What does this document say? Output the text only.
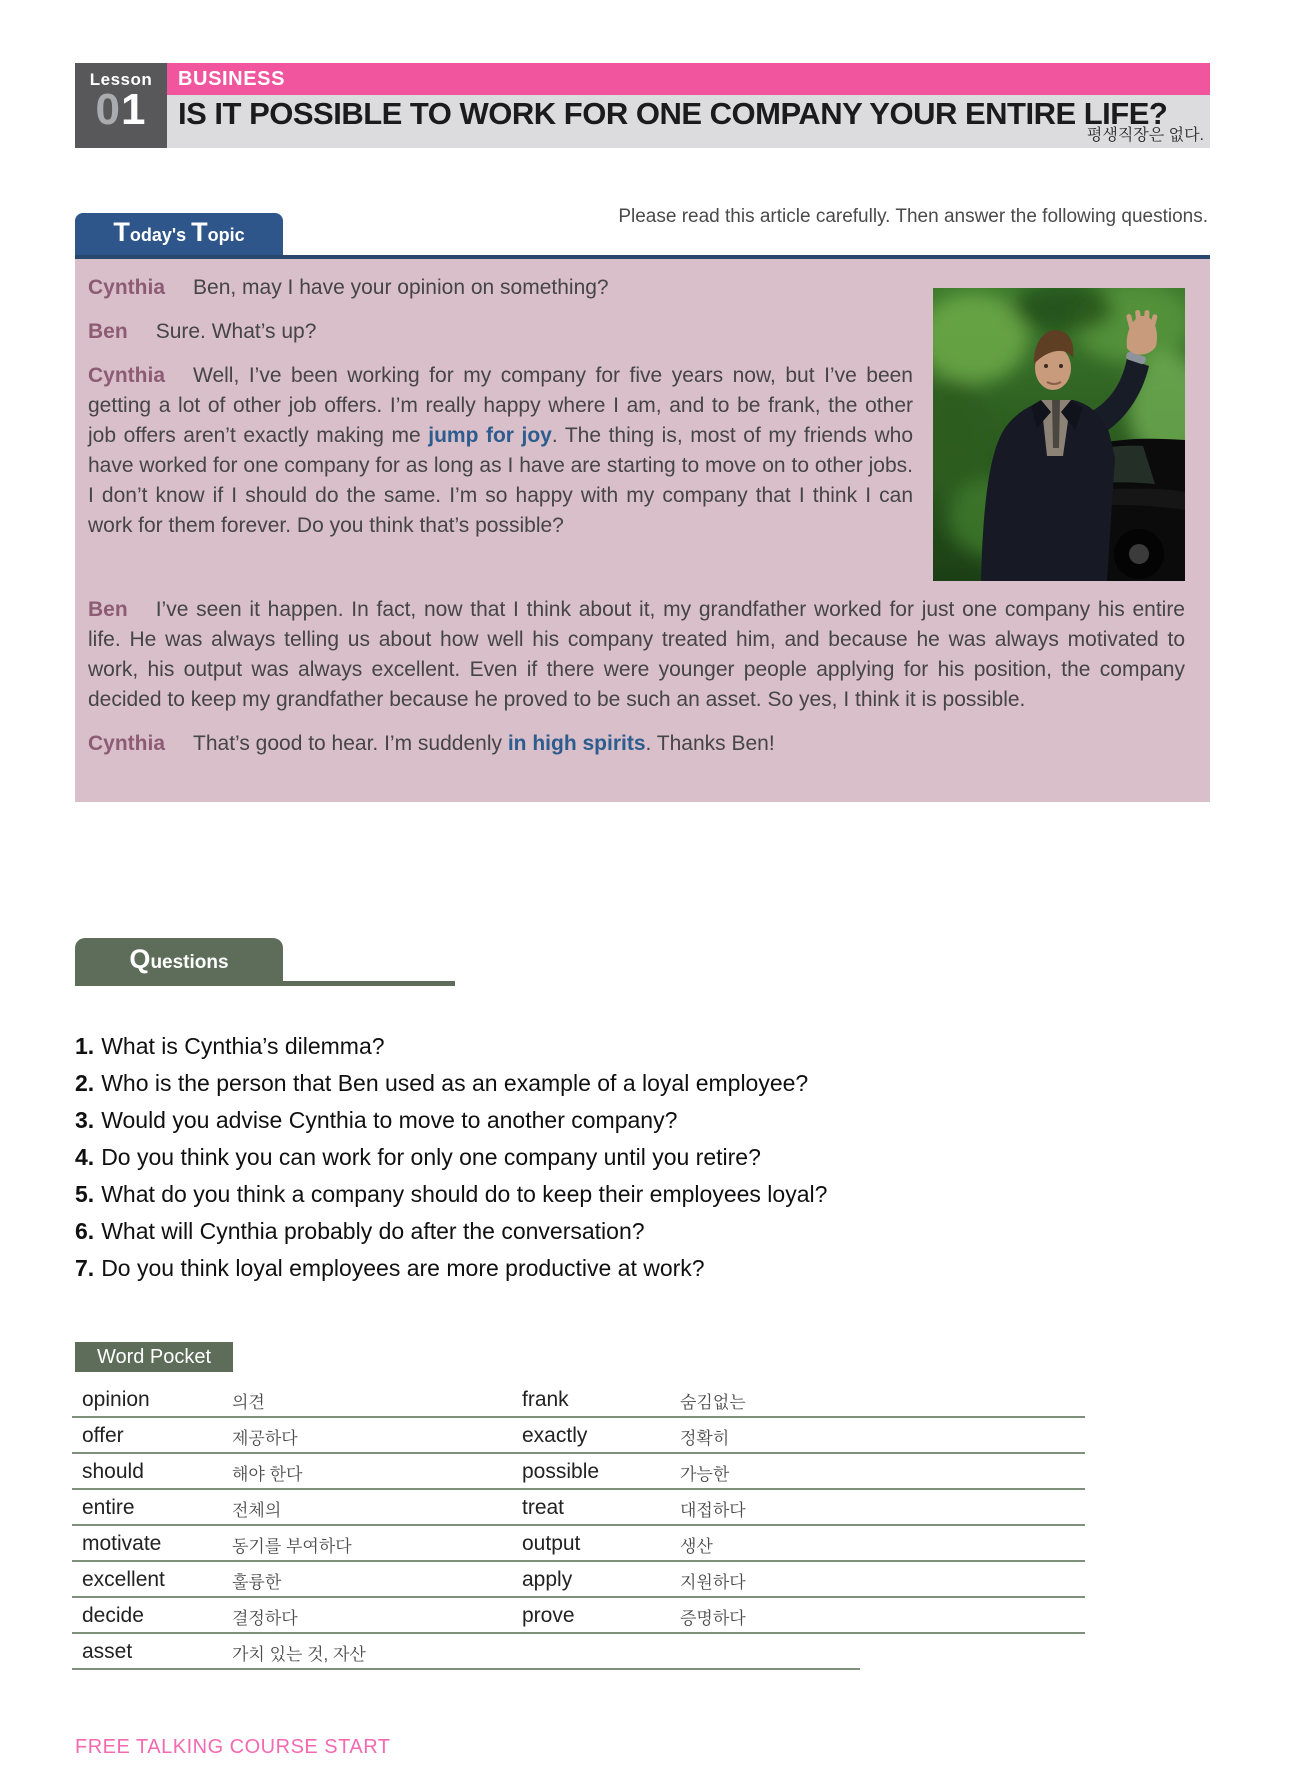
Lesson
01
BUSINESS
IS IT POSSIBLE TO WORK FOR ONE COMPANY YOUR ENTIRE LIFE?
평생직장은 없다.
Today's Topic
Please read this article carefully. Then answer the following questions.

Cynthia Ben, may I have your opinion on something?

Ben Sure. What’s up?

Cynthia Well, I’ve been working for my company for five years now, but I’ve been getting a lot of other job offers. I’m really happy where I am, and to be frank, the other job offers aren’t exactly making me jump for joy. The thing is, most of my friends who have worked for one company for as long as I have are starting to move on to other jobs. I don’t know if I should do the same. I’m so happy with my company that I think I can work for them forever. Do you think that’s possible?

Ben I’ve seen it happen. In fact, now that I think about it, my grandfather worked for just one company his entire life. He was always telling us about how well his company treated him, and because he was always motivated to work, his output was always excellent. Even if there were younger people applying for his position, the company decided to keep my grandfather because he proved to be such an asset. So yes, I think it is possible.

Cynthia That’s good to hear. I’m suddenly in high spirits. Thanks Ben!

Questions
1. What is Cynthia’s dilemma?
2. Who is the person that Ben used as an example of a loyal employee?
3. Would you advise Cynthia to move to another company?
4. Do you think you can work for only one company until you retire?
5. What do you think a company should do to keep their employees loyal?
6. What will Cynthia probably do after the conversation?
7. Do you think loyal employees are more productive at work?
Word Pocket
opinion	의견	frank	숨김없는
offer	제공하다	exactly	정확히
should	해야 한다	possible	가능한
entire	전체의	treat	대접하다
motivate	동기를 부여하다	output	생산
excellent	훌륭한	apply	지원하다
decide	결정하다	prove	증명하다
asset	가치 있는 것, 자산
FREE TALKING COURSE START
